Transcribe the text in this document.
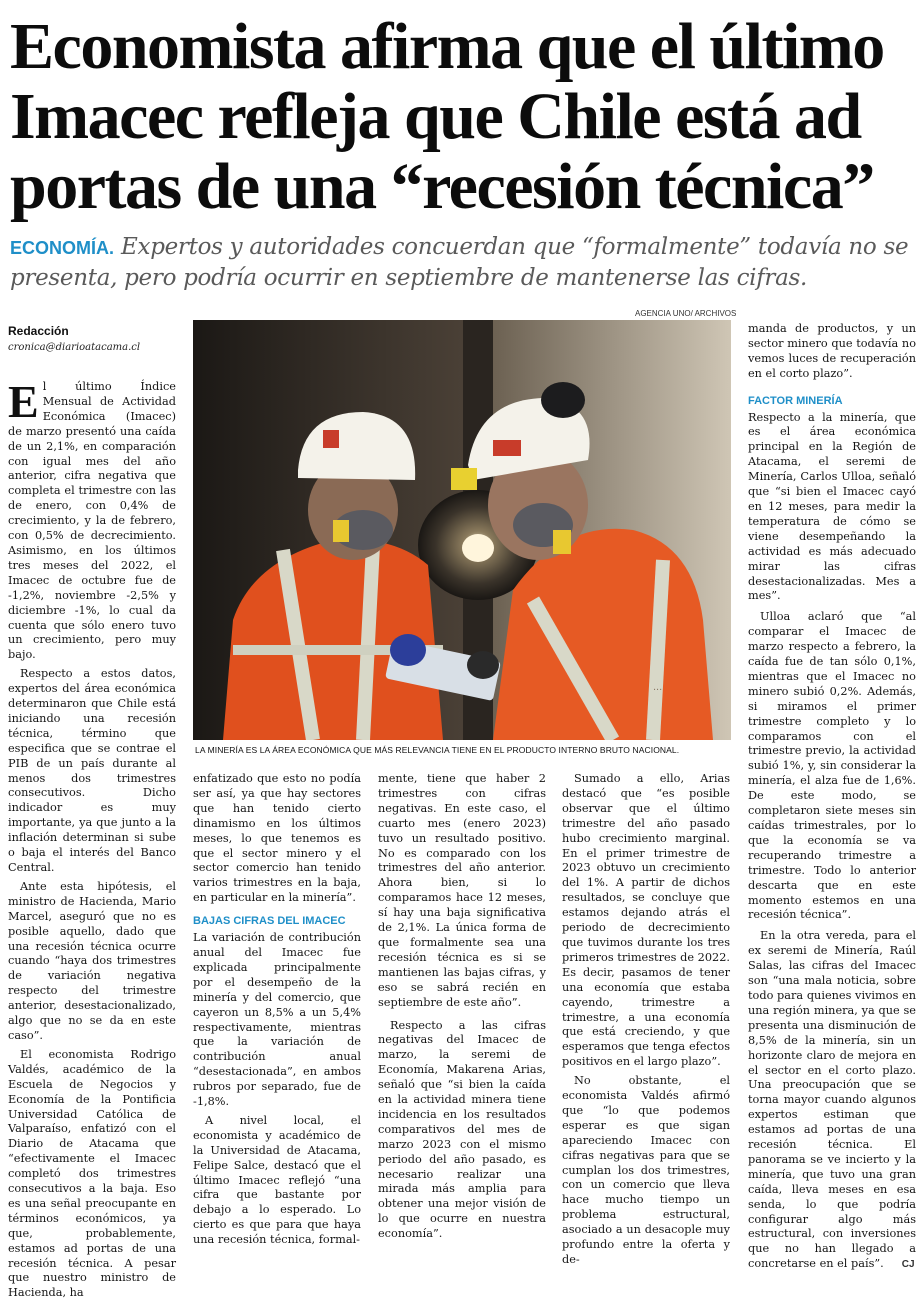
Economista afirma que el último Imacec refleja que Chile está ad portas de una “recesión técnica”

ECONOMÍA. Expertos y autoridades concuerdan que “formalmente” todavía no se presenta, pero podría ocurrir en septiembre de mantenerse las cifras.

Redacción
cronica@diarioatacama.cl
AGENCIA UNO/ ARCHIVOS
...
LA MINERÍA ES LA ÁREA ECONÓMICA QUE MÁS RELEVANCIA TIENE EN EL PRODUCTO INTERNO BRUTO NACIONAL.

El último Índice Mensual de Actividad Económica (Imacec) de marzo presentó una caída de un 2,1%, en comparación con igual mes del año anterior, cifra negativa que completa el trimestre con las de enero, con 0,4% de crecimiento, y la de febrero, con 0,5% de decrecimiento. Asimismo, en los últimos tres meses del 2022, el Imacec de octubre fue de -1,2%, noviembre -2,5% y diciembre -1%, lo cual da cuenta que sólo enero tuvo un crecimiento, pero muy bajo.

Respecto a estos datos, expertos del área económica determinaron que Chile está iniciando una recesión técnica, término que especifica que se contrae el PIB de un país durante al menos dos trimestres consecutivos. Dicho indicador es muy importante, ya que junto a la inflación determinan si sube o baja el interés del Banco Central.

Ante esta hipótesis, el ministro de Hacienda, Mario Marcel, aseguró que no es posible aquello, dado que una recesión técnica ocurre cuando “haya dos trimestres de variación negativa respecto del trimestre anterior, desestacionalizado, algo que no se da en este caso”.

El economista Rodrigo Valdés, académico de la Escuela de Negocios y Economía de la Pontificia Universidad Católica de Valparaíso, enfatizó con el Diario de Atacama que “efectivamente el Imacec completó dos trimestres consecutivos a la baja. Eso es una señal preocupante en términos económicos, ya que, probablemente, estamos ad portas de una recesión técnica. A pesar que nuestro ministro de Hacienda, ha

enfatizado que esto no podía ser así, ya que hay sectores que han tenido cierto dinamismo en los últimos meses, lo que tenemos es que el sector minero y el sector comercio han tenido varios trimestres en la baja, en particular en la minería”.

BAJAS CIFRAS DEL IMACEC

La variación de contribución anual del Imacec fue explicada principalmente por el desempeño de la minería y del comercio, que cayeron un 8,5% a un 5,4% respectivamente, mientras que la variación de contribución anual “desestacionada”, en ambos rubros por separado, fue de -1,8%.

A nivel local, el economista y académico de la Universidad de Atacama, Felipe Salce, destacó que el último Imacec reflejó “una cifra que bastante por debajo a lo esperado. Lo cierto es que para que haya una recesión técnica, formal-

mente, tiene que haber 2 trimestres con cifras negativas. En este caso, el cuarto mes (enero 2023) tuvo un resultado positivo. No es comparado con los trimestres del año anterior. Ahora bien, si lo comparamos hace 12 meses, sí hay una baja significativa de 2,1%. La única forma de que formalmente sea una recesión técnica es si se mantienen las bajas cifras, y eso se sabrá recién en septiembre de este año”.

Respecto a las cifras negativas del Imacec de marzo, la seremi de Economía, Makarena Arias, señaló que “si bien la caída en la actividad minera tiene incidencia en los resultados comparativos del mes de marzo 2023 con el mismo periodo del año pasado, es necesario realizar una mirada más amplia para obtener una mejor visión de lo que ocurre en nuestra economía”.

Sumado a ello, Arias destacó que “es posible observar que el último trimestre del año pasado hubo crecimiento marginal. En el primer trimestre de 2023 obtuvo un crecimiento del 1%. A partir de dichos resultados, se concluye que estamos dejando atrás el periodo de decrecimiento que tuvimos durante los tres primeros trimestres de 2022. Es decir, pasamos de tener una economía que estaba cayendo, trimestre a trimestre, a una economía que está creciendo, y que esperamos que tenga efectos positivos en el largo plazo”.

No obstante, el economista Valdés afirmó que “lo que podemos esperar es que sigan apareciendo Imacec con cifras negativas para que se cumplan los dos trimestres, con un comercio que lleva hace mucho tiempo un problema estructural, asociado a un desacople muy profundo entre la oferta y de-

manda de productos, y un sector minero que todavía no vemos luces de recuperación en el corto plazo”.

FACTOR MINERÍA

Respecto a la minería, que es el área económica principal en la Región de Atacama, el seremi de Minería, Carlos Ulloa, señaló que “si bien el Imacec cayó en 12 meses, para medir la temperatura de cómo se viene desempeñando la actividad es más adecuado mirar las cifras desestacionalizadas. Mes a mes”.

Ulloa aclaró que “al comparar el Imacec de marzo respecto a febrero, la caída fue de tan sólo 0,1%, mientras que el Imacec no minero subió 0,2%. Además, si miramos el primer trimestre completo y lo comparamos con el trimestre previo, la actividad subió 1%, y, sin considerar la minería, el alza fue de 1,6%. De este modo, se completaron siete meses sin caídas trimestrales, por lo que la economía se va recuperando trimestre a trimestre. Todo lo anterior descarta que en este momento estemos en una recesión técnica”.

En la otra vereda, para el ex seremi de Minería, Raúl Salas, las cifras del Imacec son “una mala noticia, sobre todo para quienes vivimos en una región minera, ya que se presenta una disminución de 8,5% de la minería, sin un horizonte claro de mejora en el sector en el corto plazo. Una preocupación que se torna mayor cuando algunos expertos estiman que estamos ad portas de una recesión técnica. El panorama se ve incierto y la minería, que tuvo una gran caída, lleva meses en esa senda, lo que podría configurar algo más estructural, con inversiones que no han llegado a concretarse en el país”. CJ
